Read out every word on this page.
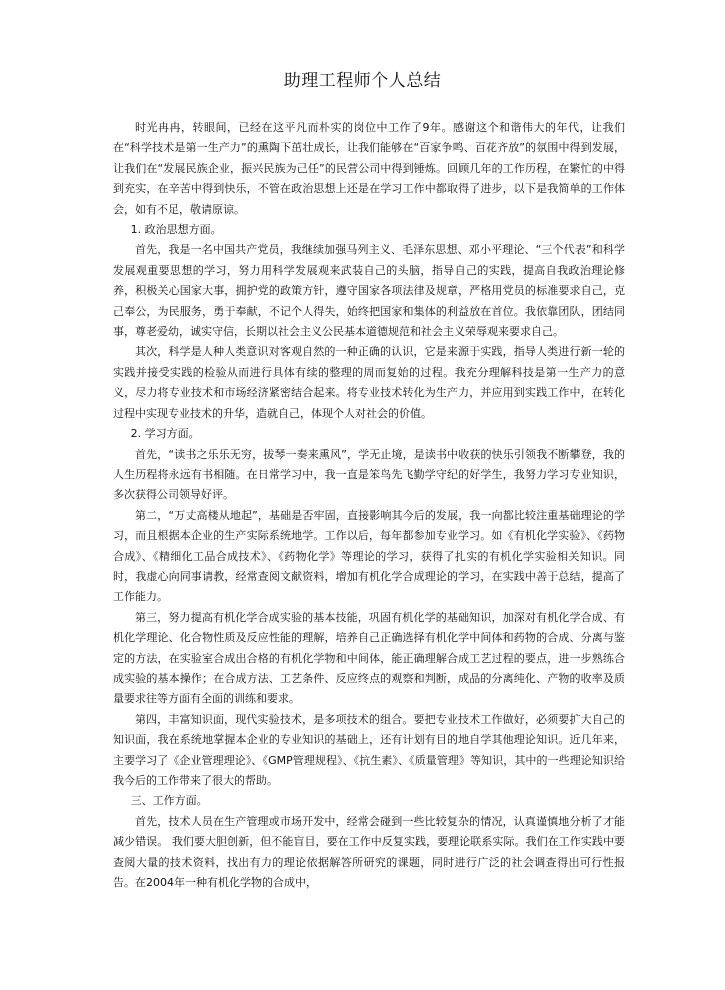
助理工程师个人总结

时光冉冉，转眼间，已经在这平凡而朴实的岗位中工作了9年。感谢这个和谐伟大的年代，让我们在“科学技术是第一生产力”的熏陶下茁壮成长，让我们能够在“百家争鸣、百花齐放”的氛围中得到发展，让我们在“发展民族企业，振兴民族为己任”的民营公司中得到锤炼。回顾几年的工作历程，在繁忙的中得到充实，在辛苦中得到快乐，不管在政治思想上还是在学习工作中都取得了进步，以下是我简单的工作体会，如有不足，敬请原谅。

1. 政治思想方面。

首先，我是一名中国共产党员，我继续加强马列主义、毛泽东思想、邓小平理论、“三个代表”和科学发展观重要思想的学习，努力用科学发展观来武装自己的头脑，指导自己的实践，提高自我政治理论修养，积极关心国家大事，拥护党的政策方针，遵守国家各项法律及规章，严格用党员的标准要求自己，克己奉公，为民服务，勇于奉献，不记个人得失，始终把国家和集体的利益放在首位。我依靠团队，团结同事，尊老爱幼，诚实守信，长期以社会主义公民基本道德规范和社会主义荣辱观来要求自己。

其次，科学是人种人类意识对客观自然的一种正确的认识，它是来源于实践，指导人类进行新一轮的实践并接受实践的检验从而进行具体有续的整理的周而复始的过程。我充分理解科技是第一生产力的意义，尽力将专业技术和市场经济紧密结合起来。将专业技术转化为生产力，并应用到实践工作中，在转化过程中实现专业技术的升华，造就自己，体现个人对社会的价值。

2. 学习方面。

首先，“读书之乐乐无穷，拔琴一奏来熏风”，学无止境，是读书中收获的快乐引领我不断攀登，我的人生历程将永远有书相随。在日常学习中，我一直是笨鸟先飞勤学守纪的好学生，我努力学习专业知识，多次获得公司领导好评。

第二，“万丈高楼从地起”，基础是否牢固，直接影响其今后的发展，我一向都比较注重基础理论的学习，而且根据本企业的生产实际系统地学。工作以后，每年都参加专业学习。如《有机化学实验》、《药物合成》、《精细化工品合成技术》、《药物化学》等理论的学习，获得了扎实的有机化学实验相关知识。同时，我虚心向同事请教，经常查阅文献资料，增加有机化学合成理论的学习，在实践中善于总结，提高了工作能力。

第三，努力提高有机化学合成实验的基本技能，巩固有机化学的基础知识，加深对有机化学合成、有机化学理论、化合物性质及反应性能的理解，培养自己正确选择有机化学中间体和药物的合成、分离与鉴定的方法，在实验室合成出合格的有机化学物和中间体，能正确理解合成工艺过程的要点，进一步熟练合成实验的基本操作；在合成方法、工艺条件、反应终点的观察和判断，成品的分离纯化、产物的收率及质量要求往等方面有全面的训练和要求。

第四，丰富知识面，现代实验技术，是多项技术的组合。要把专业技术工作做好，必须要扩大自己的知识面，我在系统地掌握本企业的专业知识的基础上，还有计划有目的地自学其他理论知识。近几年来，主要学习了《企业管理理论》、《GMP管理规程》、《抗生素》、《质量管理》等知识，其中的一些理论知识给我今后的工作带来了很大的帮助。

三、工作方面。

首先，技术人员在生产管理或市场开发中，经常会碰到一些比较复杂的情况，认真谨慎地分析了才能减少错误。 我们要大胆创新，但不能盲目，要在工作中反复实践，要理论联系实际。我们在工作实践中要查阅大量的技术资料，找出有力的理论依据解答所研究的课题，同时进行广泛的社会调查得出可行性报告。在2004年一种有机化学物的合成中，
